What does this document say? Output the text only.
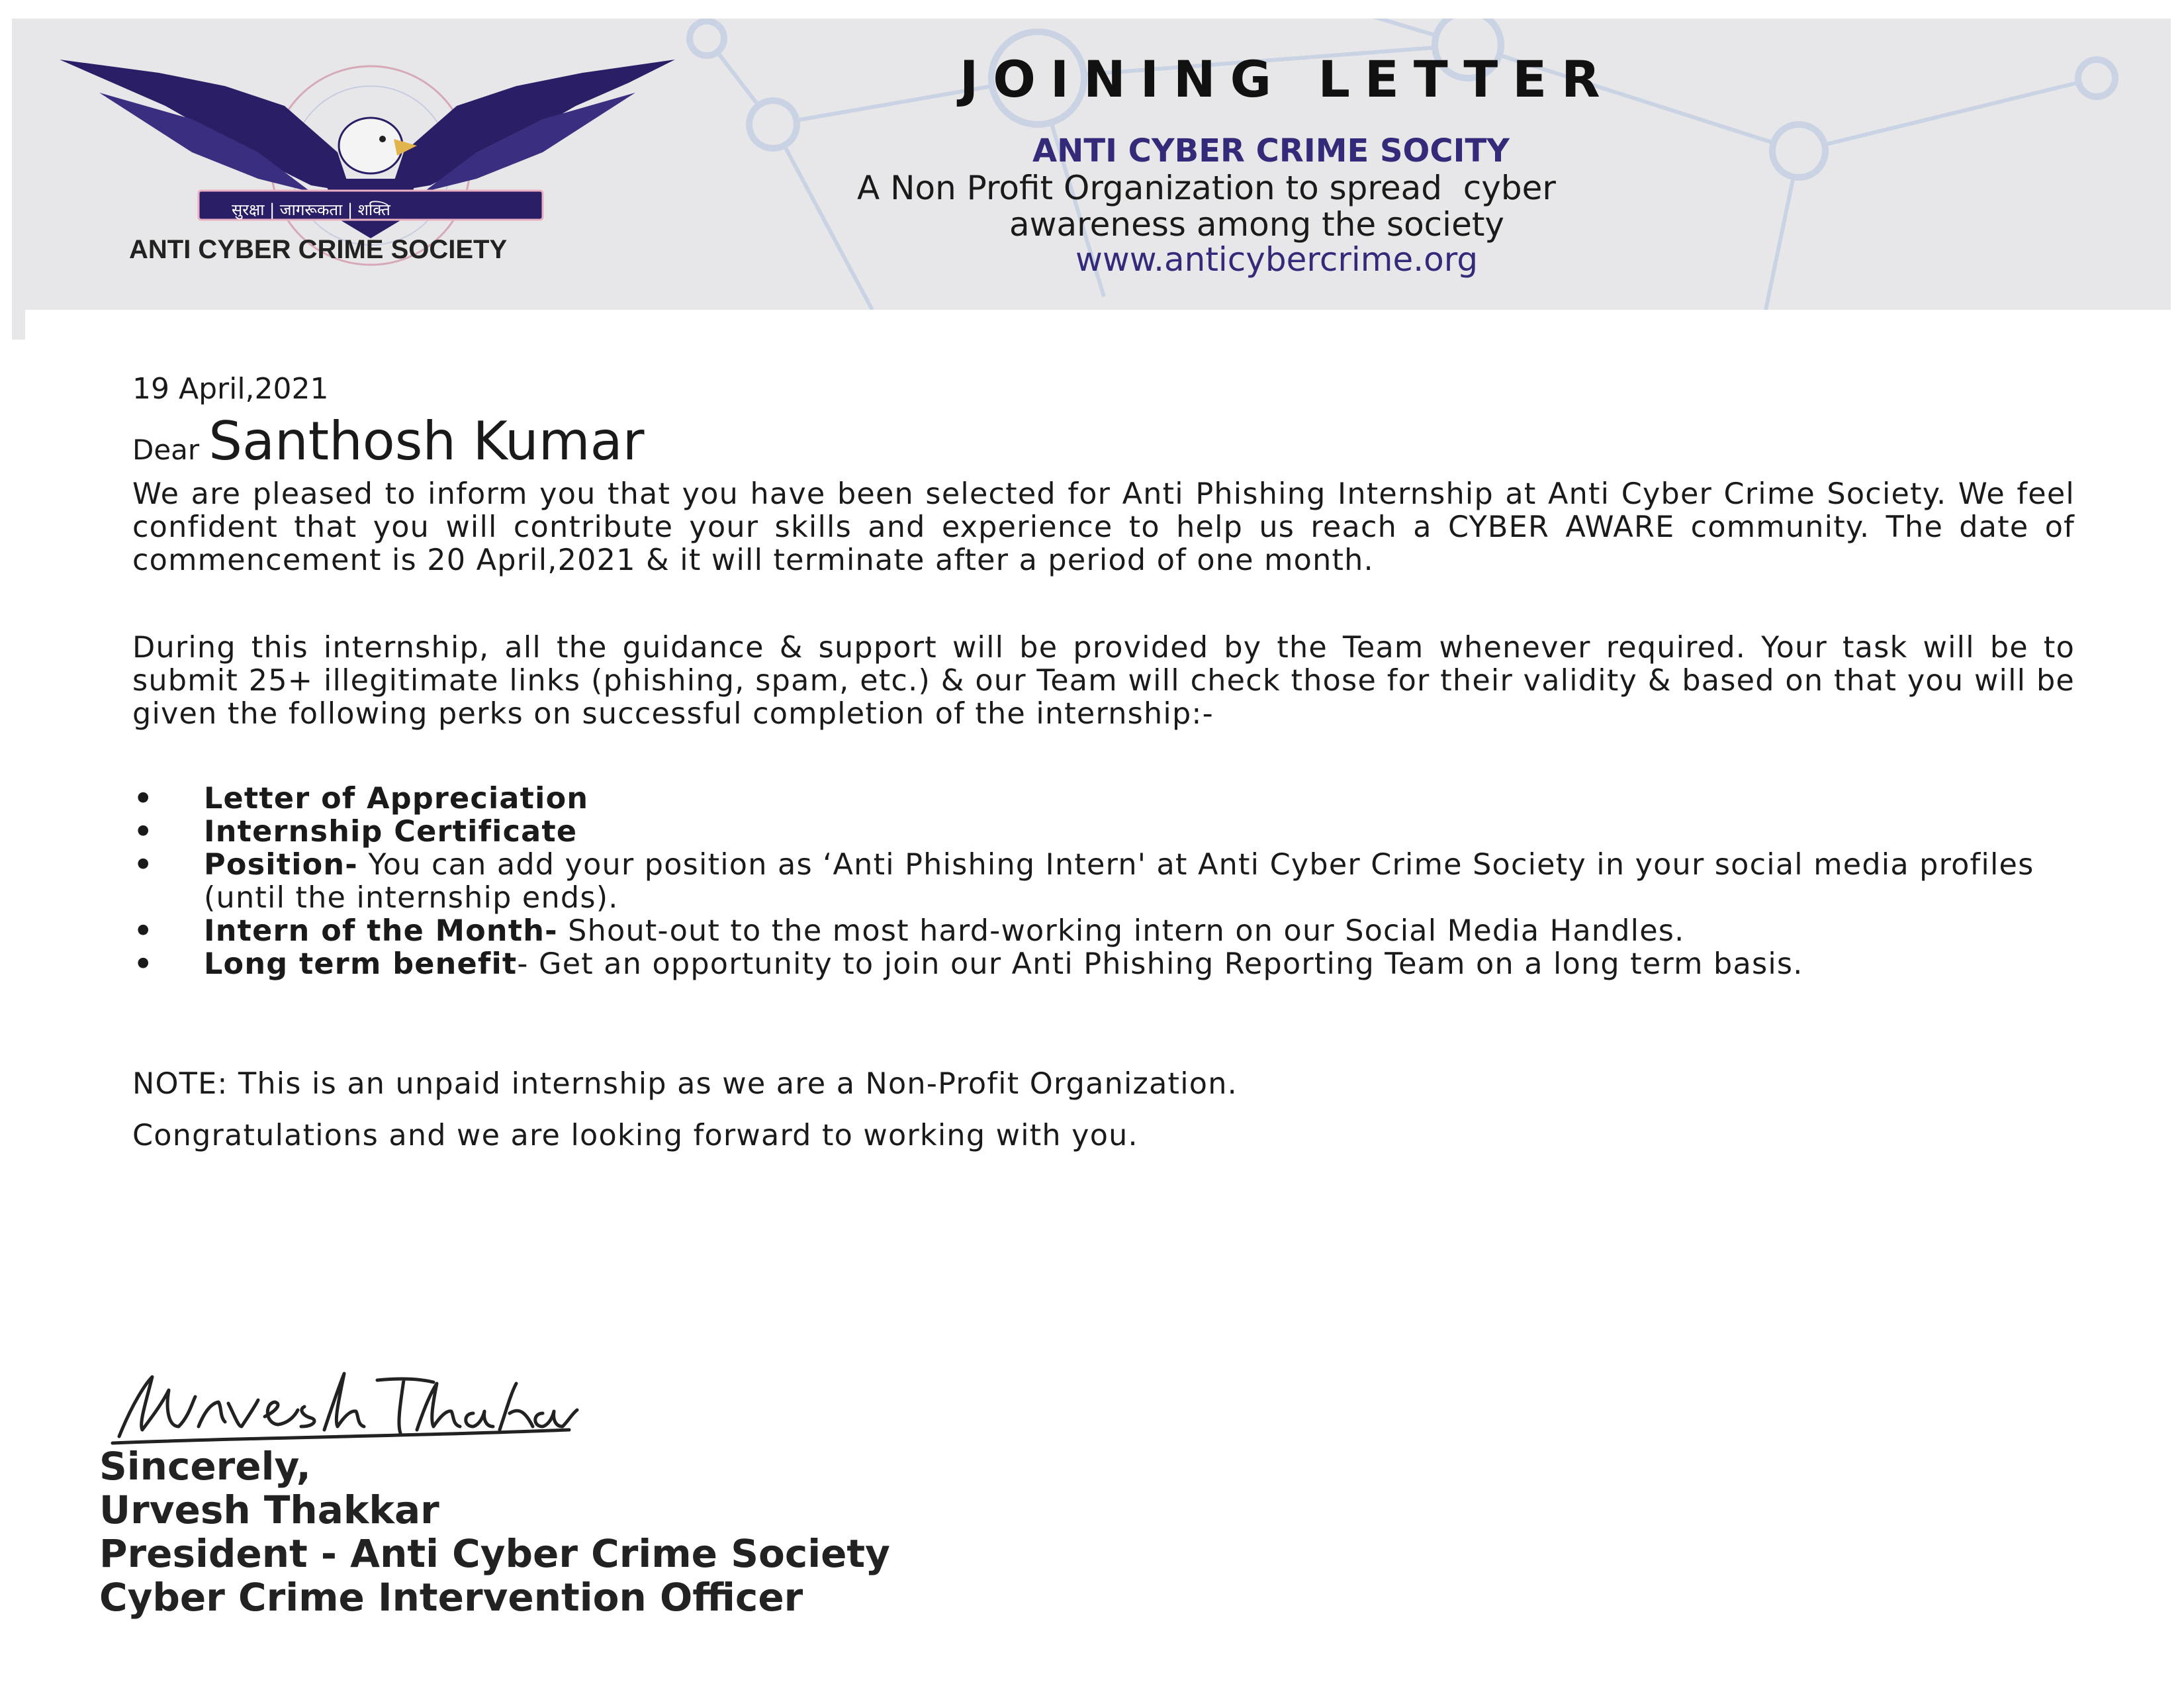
सुरक्षा | जागरूकता | शक्ति
ANTI CYBER CRIME SOCIETY
JOINING LETTER
ANTI CYBER CRIME SOCITY
A Non Profit Organization to spread  cyber
awareness among the society
www.anticybercrime.org
19 April,2021
Dear Santhosh Kumar
We are pleased to inform you that you have been selected for Anti Phishing Internship at Anti Cyber Crime Society. We feel confident that you will contribute your skills and experience to help us reach a CYBER AWARE community. The date of commencement is 20 April,2021 & it will terminate after a period of one month.
During this internship, all the guidance & support will be provided by the Team whenever required. Your task will be to submit 25+ illegitimate links (phishing, spam, etc.) & our Team will check those for their validity & based on that you will be given the following perks on successful completion of the internship:-
• Letter of Appreciation
• Internship Certificate
• Position- You can add your position as ‘Anti Phishing Intern' at Anti Cyber Crime Society in your social media profiles (until the internship ends).
• Intern of the Month- Shout-out to the most hard-working intern on our Social Media Handles.
• Long term benefit- Get an opportunity to join our Anti Phishing Reporting Team on a long term basis.
NOTE: This is an unpaid internship as we are a Non-Profit Organization.
Congratulations and we are looking forward to working with you.
Sincerely,
Urvesh Thakkar
President - Anti Cyber Crime Society
Cyber Crime Intervention Officer
